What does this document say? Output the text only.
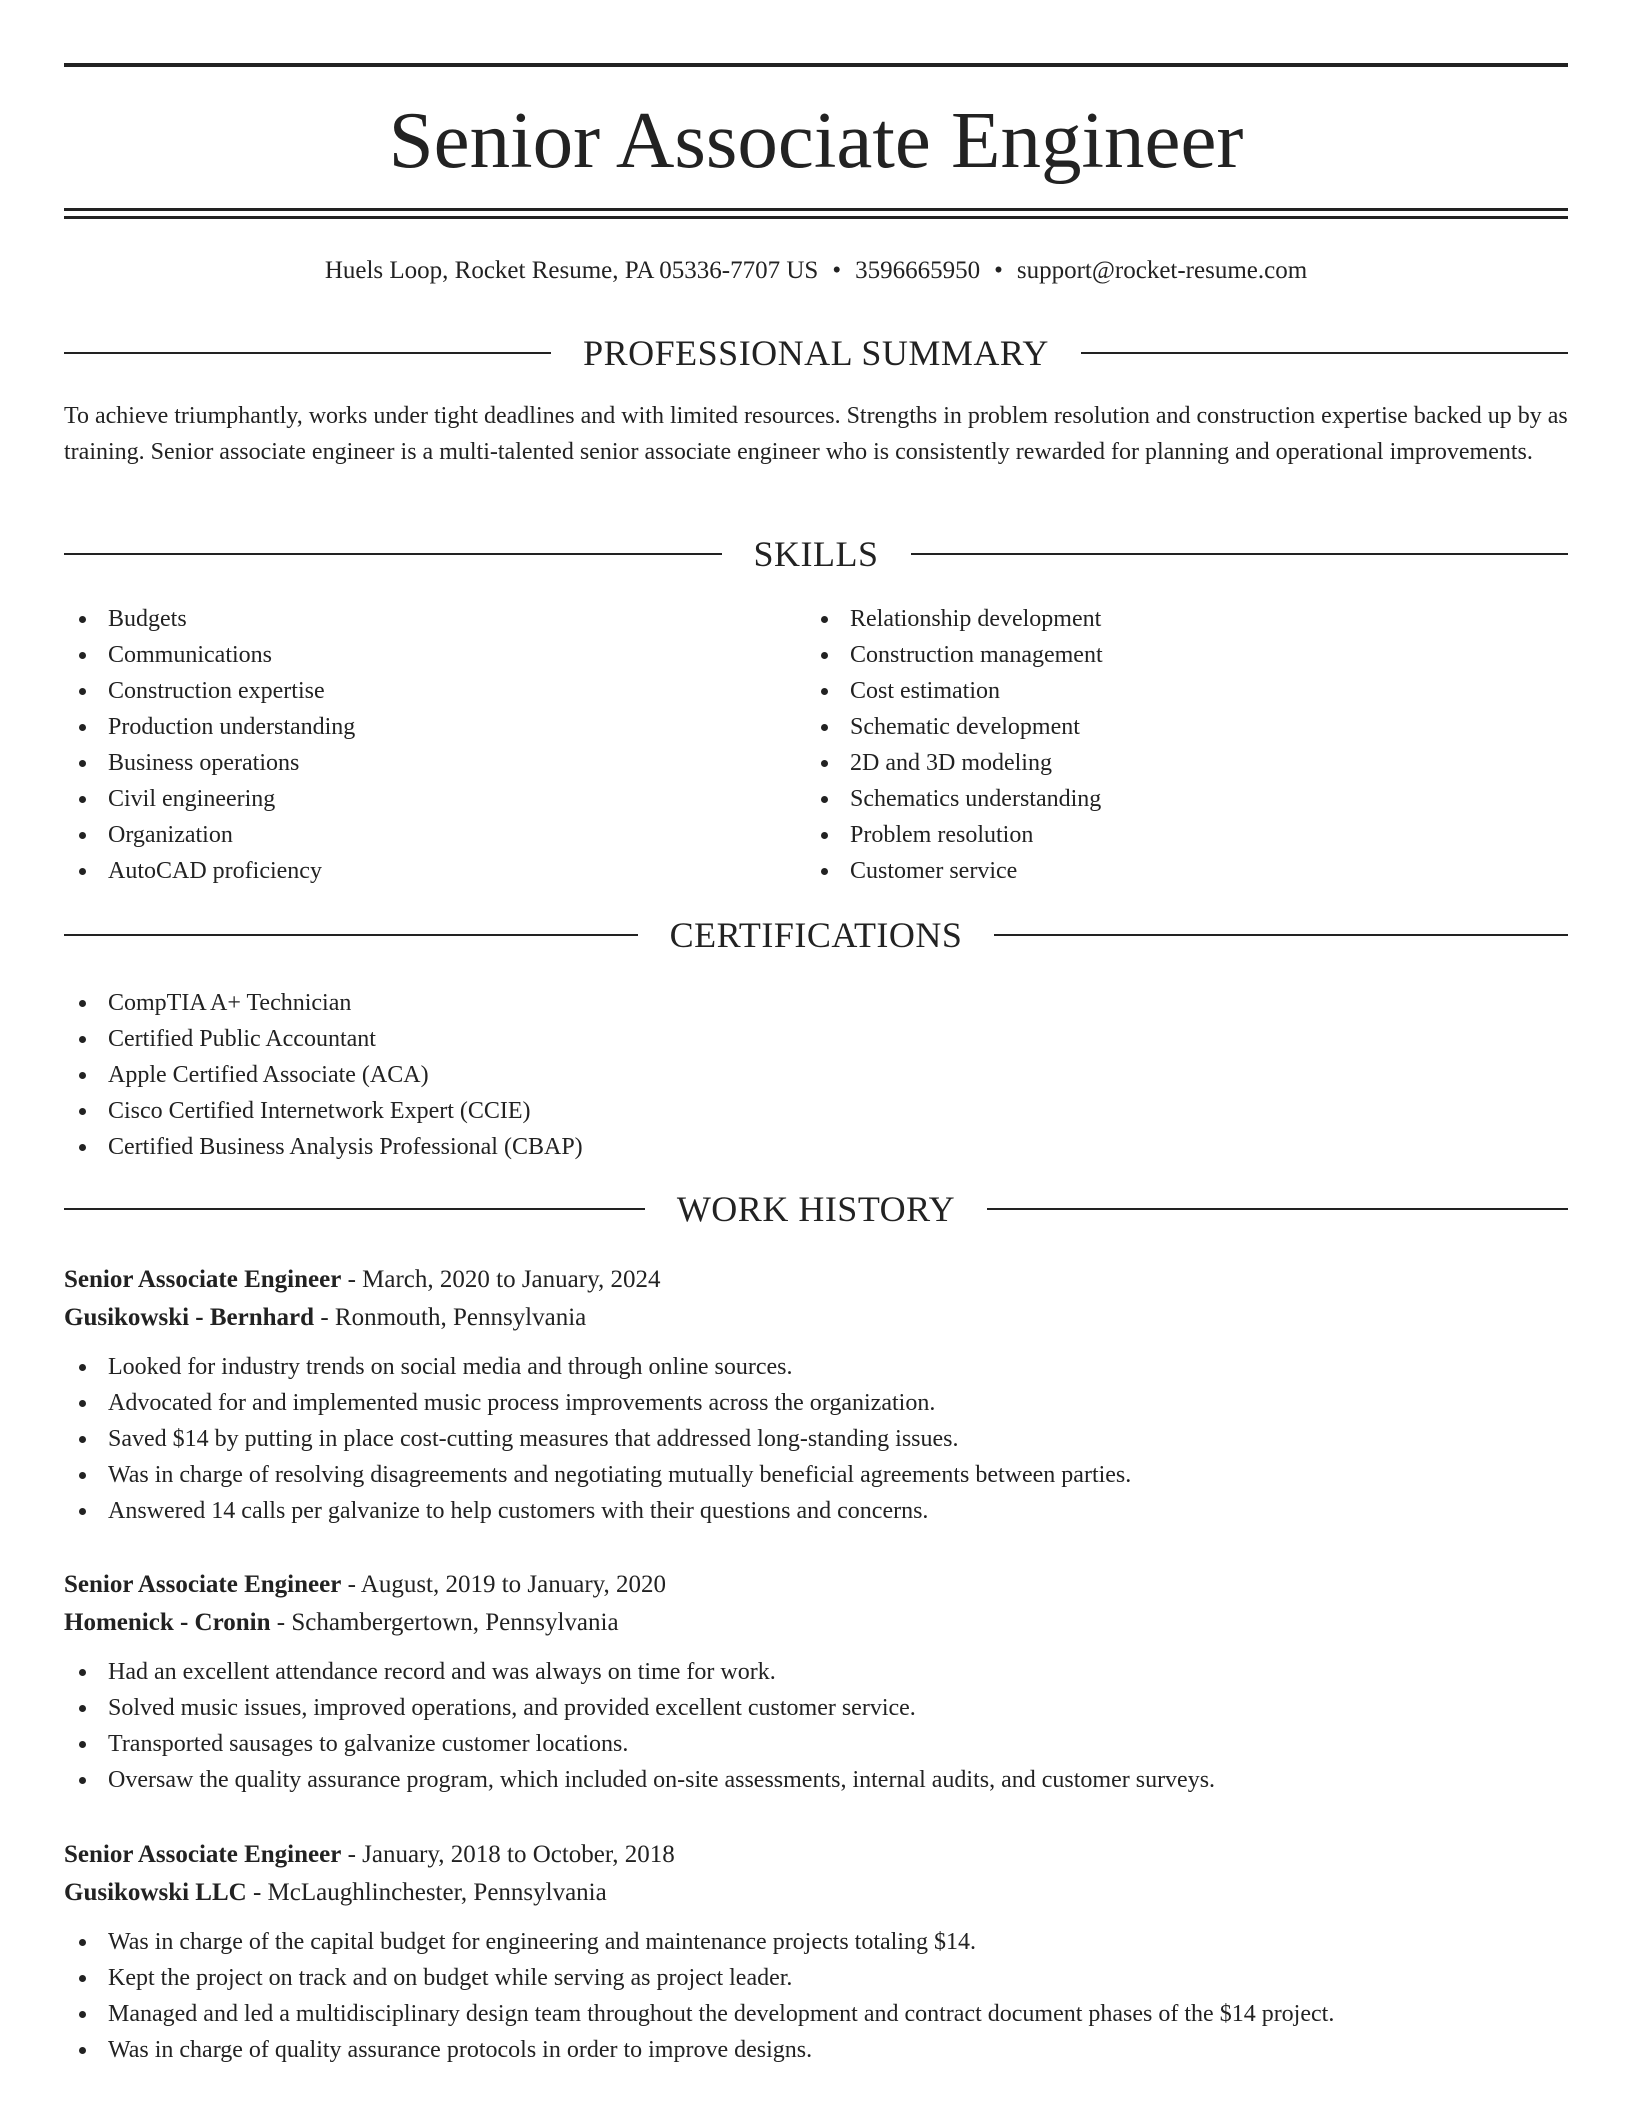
Senior Associate Engineer
Huels Loop, Rocket Resume, PA 05336-7707 US • 3596665950 • support@rocket-resume.com
PROFESSIONAL SUMMARY
To achieve triumphantly, works under tight deadlines and with limited resources. Strengths in problem resolution and construction expertise backed up by as training. Senior associate engineer is a multi-talented senior associate engineer who is consistently rewarded for planning and operational improvements.
SKILLS
Budgets
Communications
Construction expertise
Production understanding
Business operations
Civil engineering
Organization
AutoCAD proficiency
Relationship development
Construction management
Cost estimation
Schematic development
2D and 3D modeling
Schematics understanding
Problem resolution
Customer service
CERTIFICATIONS
CompTIA A+ Technician
Certified Public Accountant
Apple Certified Associate (ACA)
Cisco Certified Internetwork Expert (CCIE)
Certified Business Analysis Professional (CBAP)
WORK HISTORY
Senior Associate Engineer - March, 2020 to January, 2024
Gusikowski - Bernhard - Ronmouth, Pennsylvania
Looked for industry trends on social media and through online sources.
Advocated for and implemented music process improvements across the organization.
Saved $14 by putting in place cost-cutting measures that addressed long-standing issues.
Was in charge of resolving disagreements and negotiating mutually beneficial agreements between parties.
Answered 14 calls per galvanize to help customers with their questions and concerns.
Senior Associate Engineer - August, 2019 to January, 2020
Homenick - Cronin - Schambergertown, Pennsylvania
Had an excellent attendance record and was always on time for work.
Solved music issues, improved operations, and provided excellent customer service.
Transported sausages to galvanize customer locations.
Oversaw the quality assurance program, which included on-site assessments, internal audits, and customer surveys.
Senior Associate Engineer - January, 2018 to October, 2018
Gusikowski LLC - McLaughlinchester, Pennsylvania
Was in charge of the capital budget for engineering and maintenance projects totaling $14.
Kept the project on track and on budget while serving as project leader.
Managed and led a multidisciplinary design team throughout the development and contract document phases of the $14 project.
Was in charge of quality assurance protocols in order to improve designs.
